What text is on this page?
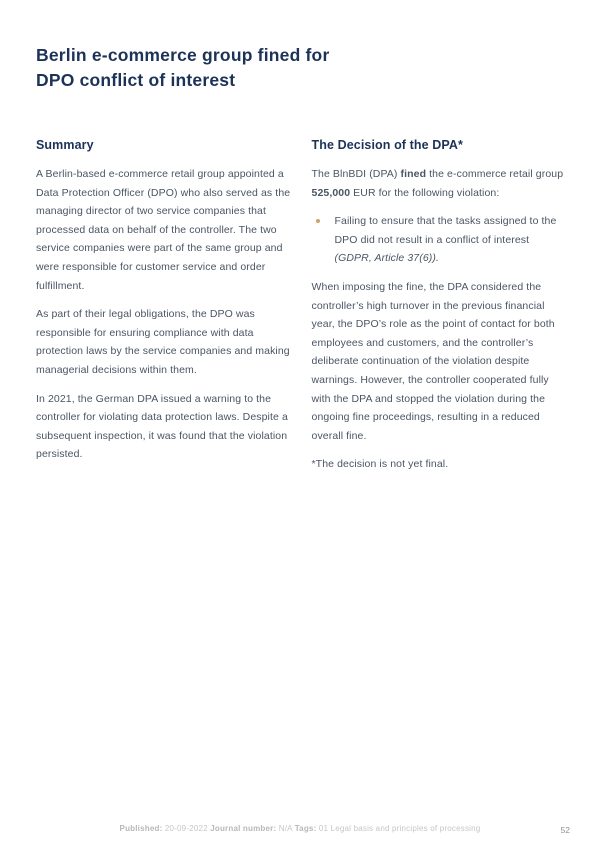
Berlin e-commerce group fined for
DPO conflict of interest
Summary

A Berlin-based e-commerce retail group appointed a Data Protection Officer (DPO) who also served as the managing director of two service companies that processed data on behalf of the controller. The two service companies were part of the same group and were responsible for customer service and order fulfillment.

As part of their legal obligations, the DPO was responsible for ensuring compliance with data protection laws by the service companies and making managerial decisions within them.

In 2021, the German DPA issued a warning to the controller for violating data protection laws. Despite a subsequent inspection, it was found that the violation persisted.

The Decision of the DPA*

The BlnBDI (DPA) fined the e-commerce retail group 525,000 EUR for the following violation:

Failing to ensure that the tasks assigned to the DPO did not result in a conflict of interest (GDPR, Article 37(6)).

When imposing the fine, the DPA considered the controller’s high turnover in the previous financial year, the DPO’s role as the point of contact for both employees and customers, and the controller’s deliberate continuation of the violation despite warnings. However, the controller cooperated fully with the DPA and stopped the violation during the ongoing fine proceedings, resulting in a reduced overall fine.

*The decision is not yet final.

Published: 20-09-2022 Journal number: N/A Tags: 01 Legal basis and principles of processing	52
